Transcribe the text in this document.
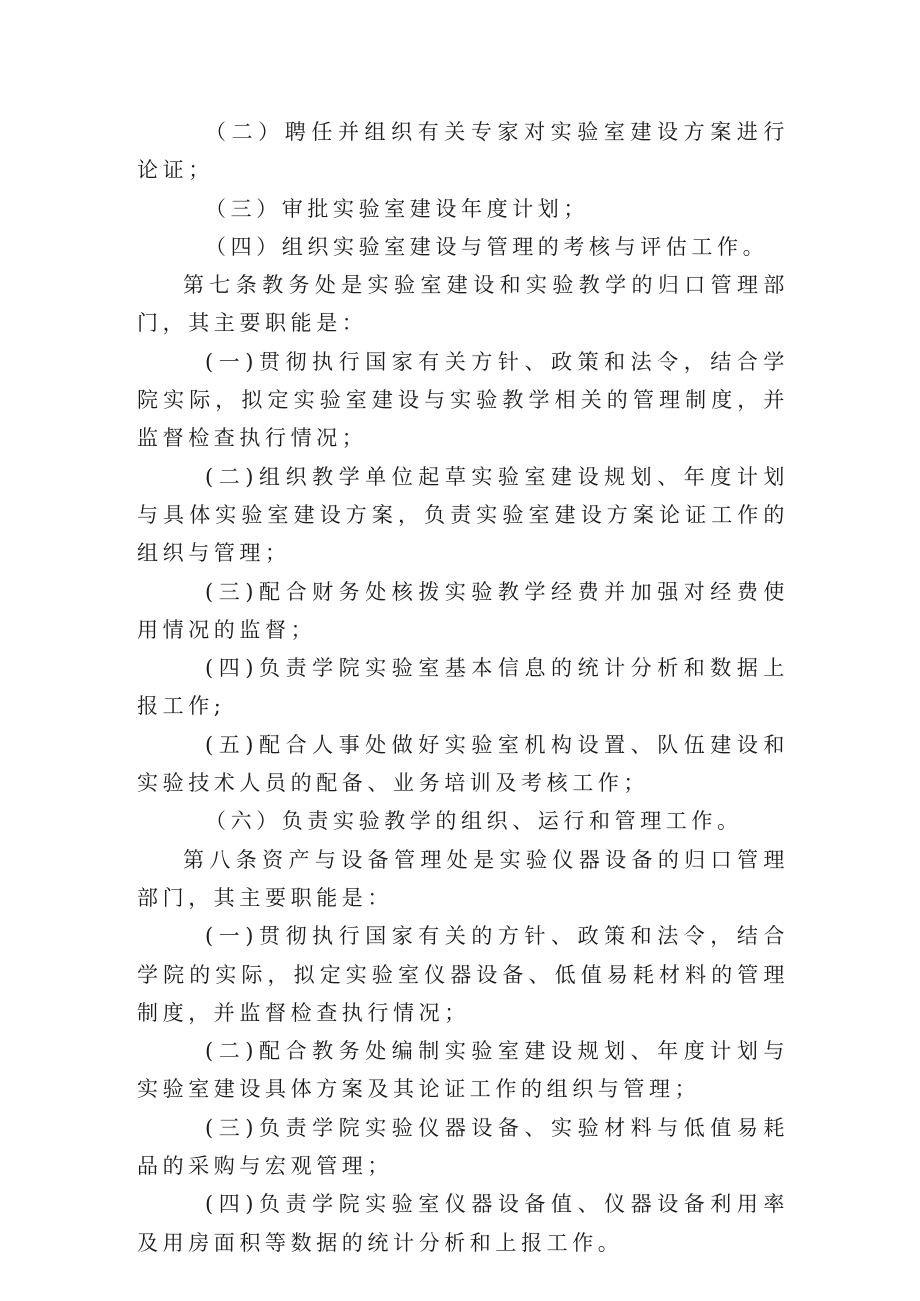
（二）聘任并组织有关专家对实验室建设方案进行论证；

（三）审批实验室建设年度计划；

（四）组织实验室建设与管理的考核与评估工作。

第七条教务处是实验室建设和实验教学的归口管理部门，其主要职能是：

(一)贯彻执行国家有关方针、政策和法令，结合学院实际，拟定实验室建设与实验教学相关的管理制度，并监督检查执行情况；

(二)组织教学单位起草实验室建设规划、年度计划与具体实验室建设方案，负责实验室建设方案论证工作的组织与管理；

(三)配合财务处核拨实验教学经费并加强对经费使用情况的监督；

(四)负责学院实验室基本信息的统计分析和数据上报工作;

(五)配合人事处做好实验室机构设置、队伍建设和实验技术人员的配备、业务培训及考核工作；

（六）负责实验教学的组织、运行和管理工作。

第八条资产与设备管理处是实验仪器设备的归口管理部门，其主要职能是：

(一)贯彻执行国家有关的方针、政策和法令，结合学院的实际，拟定实验室仪器设备、低值易耗材料的管理制度，并监督检查执行情况；

(二)配合教务处编制实验室建设规划、年度计划与实验室建设具体方案及其论证工作的组织与管理；

(三)负责学院实验仪器设备、实验材料与低值易耗品的采购与宏观管理；

(四)负责学院实验室仪器设备值、仪器设备利用率及用房面积等数据的统计分析和上报工作。
